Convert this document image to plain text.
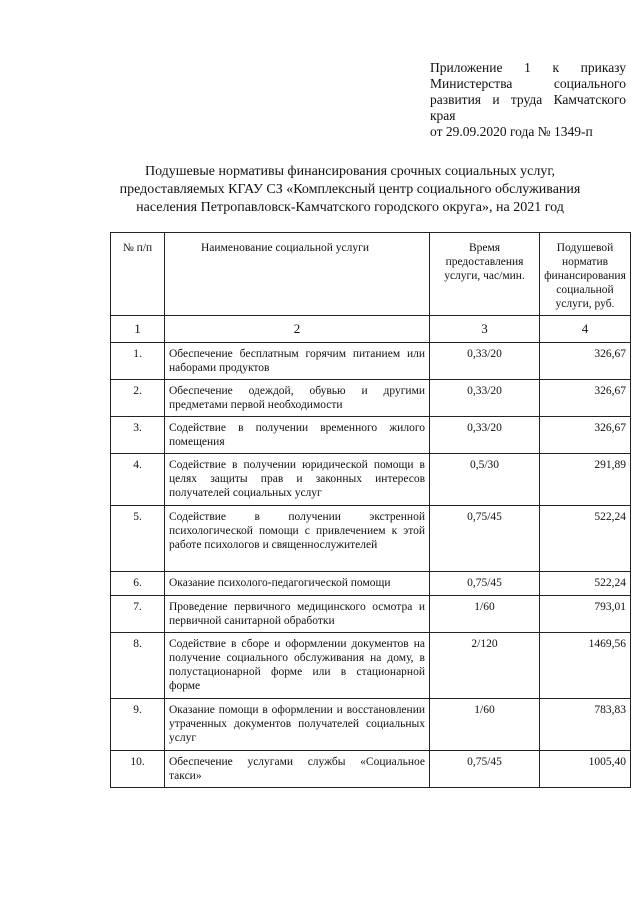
Приложение 1 к приказу
Министерства социального
развития и труда Камчатского
края
от 29.09.2020 года № 1349-п
Подушевые нормативы финансирования срочных социальных услуг,
предоставляемых КГАУ СЗ «Комплексный центр социального обслуживания
населения Петропавловск-Камчатского городского округа», на 2021 год
№ п/п	Наименование социальной услуги	Время предоставления услуги, час/мин.	Подушевой норматив финансирования социальной услуги, руб.
1	2	3	4
1.	Обеспечение бесплатным горячим питанием или наборами продуктов	0,33/20	326,67
2.	Обеспечение одеждой, обувью и другими предметами первой необходимости	0,33/20	326,67
3.	Содействие в получении временного жилого помещения	0,33/20	326,67
4.	Содействие в получении юридической помощи в целях защиты прав и законных интересов получателей социальных услуг	0,5/30	291,89
5.	Содействие в получении экстренной психологической помощи с привлечением к этой работе психологов и священнослужителей	0,75/45	522,24
6.	Оказание психолого-педагогической помощи	0,75/45	522,24
7.	Проведение первичного медицинского осмотра и первичной санитарной обработки	1/60	793,01
8.	Содействие в сборе и оформлении документов на получение социального обслуживания на дому, в полустационарной форме или в стационарной форме	2/120	1469,56
9.	Оказание помощи в оформлении и восстановлении утраченных документов получателей социальных услуг	1/60	783,83
10.	Обеспечение услугами службы «Социальное такси»	0,75/45	1005,40
